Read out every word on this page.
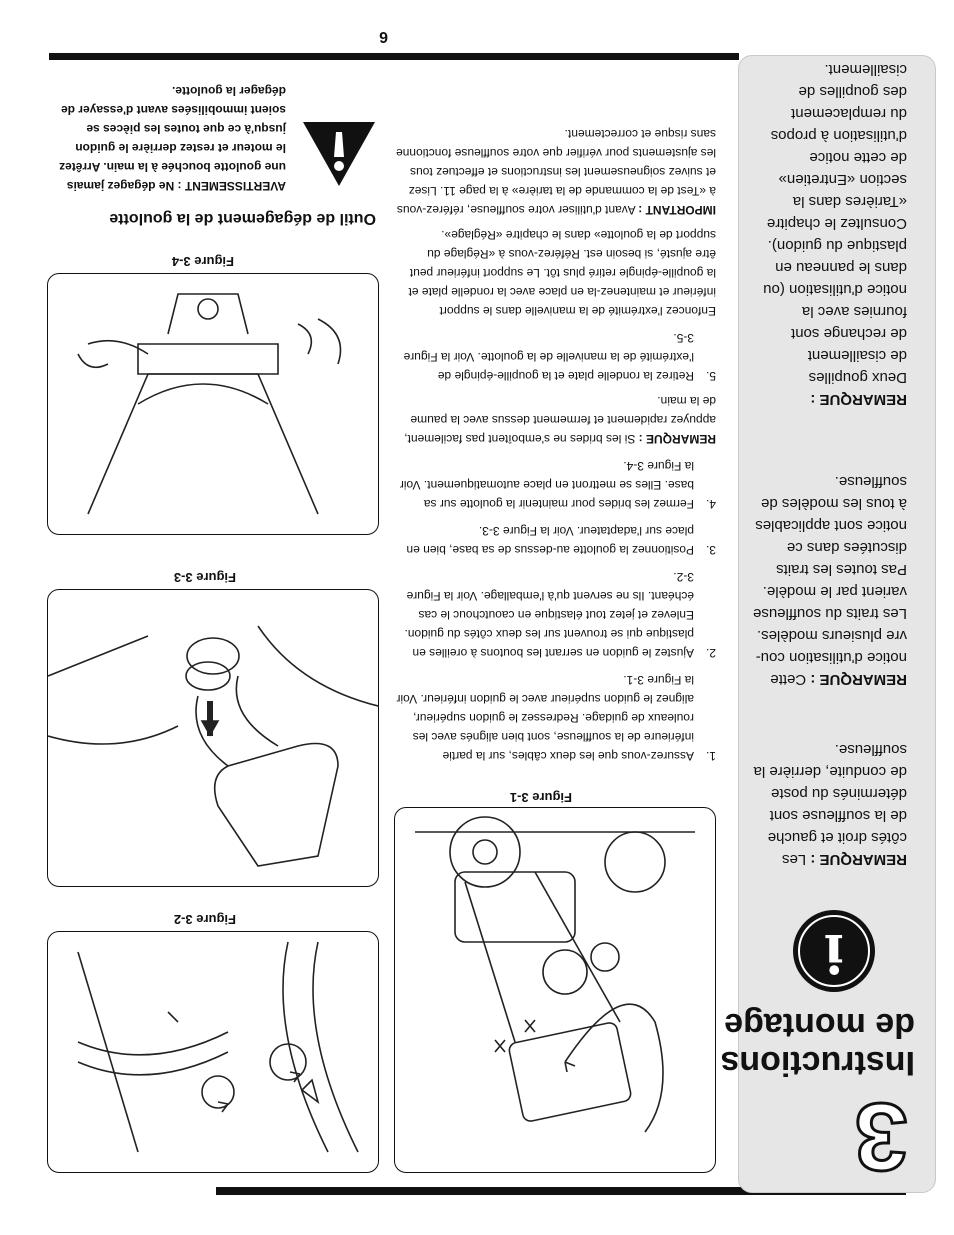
3
Instructions
de montage
i

REMARQUE : Les
côtés droit et gauche
de la souffleuse sont
déterminés du poste
de conduite, derrière la
souffleuse.

REMARQUE : Cette
notice d'utilisation cou-
vre plusieurs modèles.
Les traits du souffleuse
varient par le modèle.
Pas toutes les traits
discutées dans ce
notice sont applicables
à tous les modèles de
souffleuse.

REMARQUE :
Deux goupilles
de cisaillement
de rechange sont
fournies avec la
notice d'utilisation (ou
dans le panneau en
plastique du guidon).
Consultez le chapitre
«Tarières dans la
section «Entretien»
de cette notice
d'utilisation à propos
du remplacement
des goupilles de
cisaillement.

Figure 3-1
Figure 3-2
Figure 3-3
Figure 3-4
1.
Assurez-vous que les deux câbles, sur la partie inférieure de la souffleuse, sont bien alignés avec les rouleaux de guidage. Redressez le guidon supérieur, alignez le guidon supérieur avec le guidon inférieur. Voir la Figure 3-1.
2.
Ajustez le guidon en serrant les boutons à oreilles en plastique qui se trouvent sur les deux côtés du guidon. Enlevez et jetez tout élastique en caoutchouc le cas échéant. Ils ne servent qu'à l'emballage. Voir la Figure 3-2.
3.
Positionnez la goulotte au-dessus de sa base, bien en place sur l'adaptateur. Voir la Figure 3-3.
4.
Fermez les brides pour maintenir la goulotte sur sa base. Elles se mettront en place automatiquement. Voir la Figure 3-4.

REMARQUE : Si les brides ne s'emboîtent pas facilement, appuyez rapidement et fermement dessus avec la paume de la main.

5.
Retirez la rondelle plate et la goupille-épingle de l'extrémité de la manivelle de la goulotte. Voir la Figure 3-5.

Enfoncez l'extrémité de la manivelle dans le support inférieur et maintenez-la en place avec la rondelle plate et la goupille-épingle retiré plus tôt. Le support inférieur peut être ajusté, si besoin est. Référez-vous à «Réglage du support de la goulotte» dans le chapitre «Réglage».

IMPORTANT : Avant d'utiliser votre souffleuse, référez-vous à «Test de la commande de la tarière» à la page 11. Lisez et suivez soigneusement les instructions et effectuez tous les ajustements pour vérifier que votre souffleuse fonctionne sans risque et correctement.

Outil de dégagement de la goulotte
AVERTISSEMENT : Ne dégagez jamais une goulotte bouchée à la main. Arrêtez le moteur et restez derrière le guidon jusqu'à ce que toutes les pièces se soient immobilisées avant d'essayer de dégager la goulotte.
6
